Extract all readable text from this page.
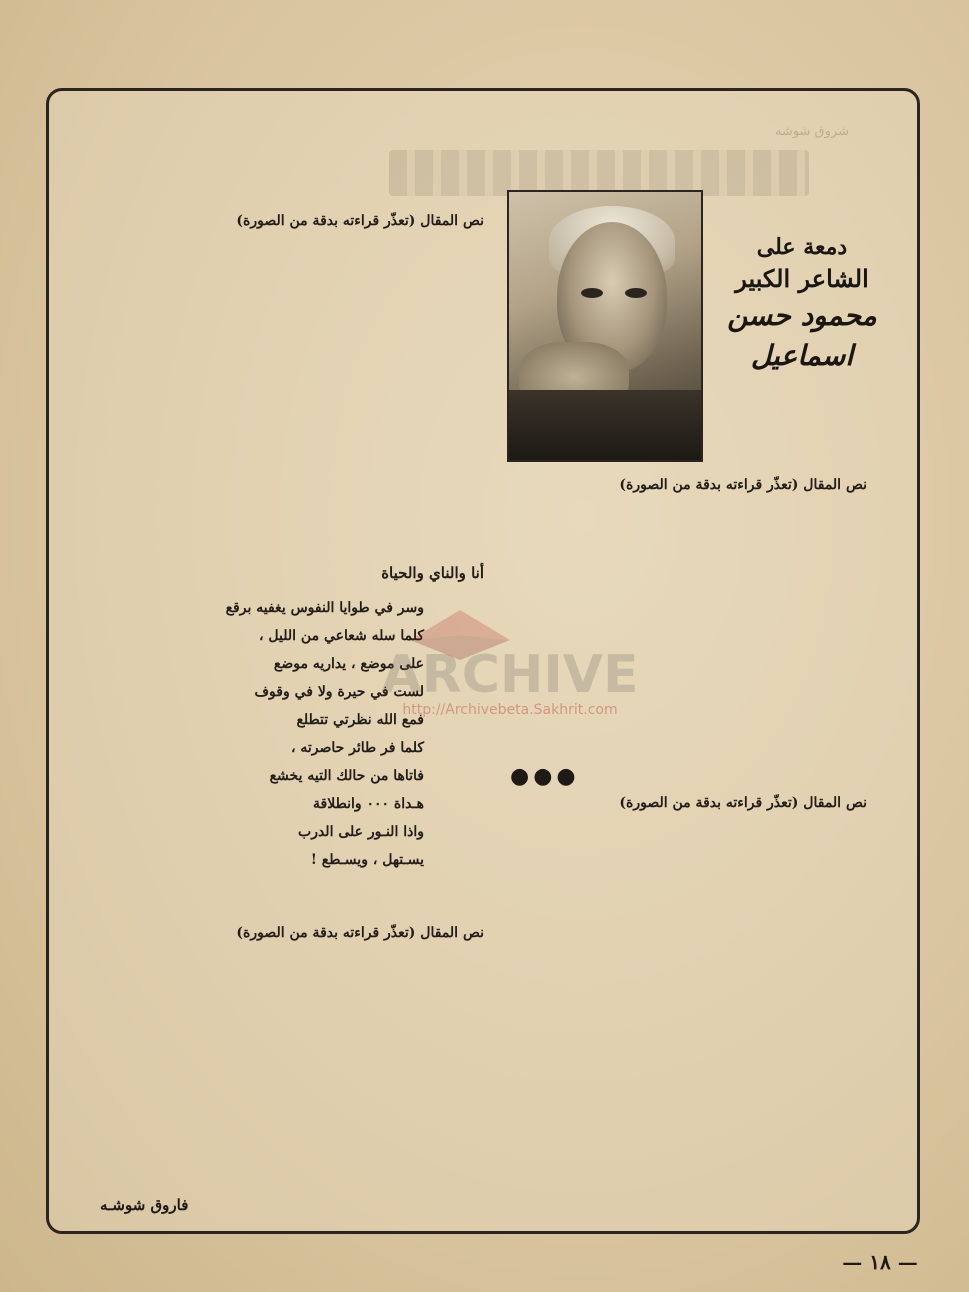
شروق شوشه
دمعة على
الشاعر الكبير
محمود حسن اسماعيل

نص المقال (تعذّر قراءته بدقة من الصورة)

نص المقال (تعذّر قراءته بدقة من الصورة)

●●●

نص المقال (تعذّر قراءته بدقة من الصورة)

أنا والناي والحياة
وسر في طوايا النفوس يغفيه برقع
كلما سله شعاعي من الليل ،
على موضع ، يداريه موضع
لست في حيرة ولا في وقوف
فمع الله نظرتي تتطلع
كلما فر طائر حاصرته ،
فاتاها من حالك التيه يخشع
هـداة ٠٠٠ وانطلاقة
واذا النـور على الدرب
يسـتهل ، ويسـطع !

نص المقال (تعذّر قراءته بدقة من الصورة)

فاروق شوشـه
— ١٨ —
ARCHIVE
http://Archivebeta.Sakhrit.com
